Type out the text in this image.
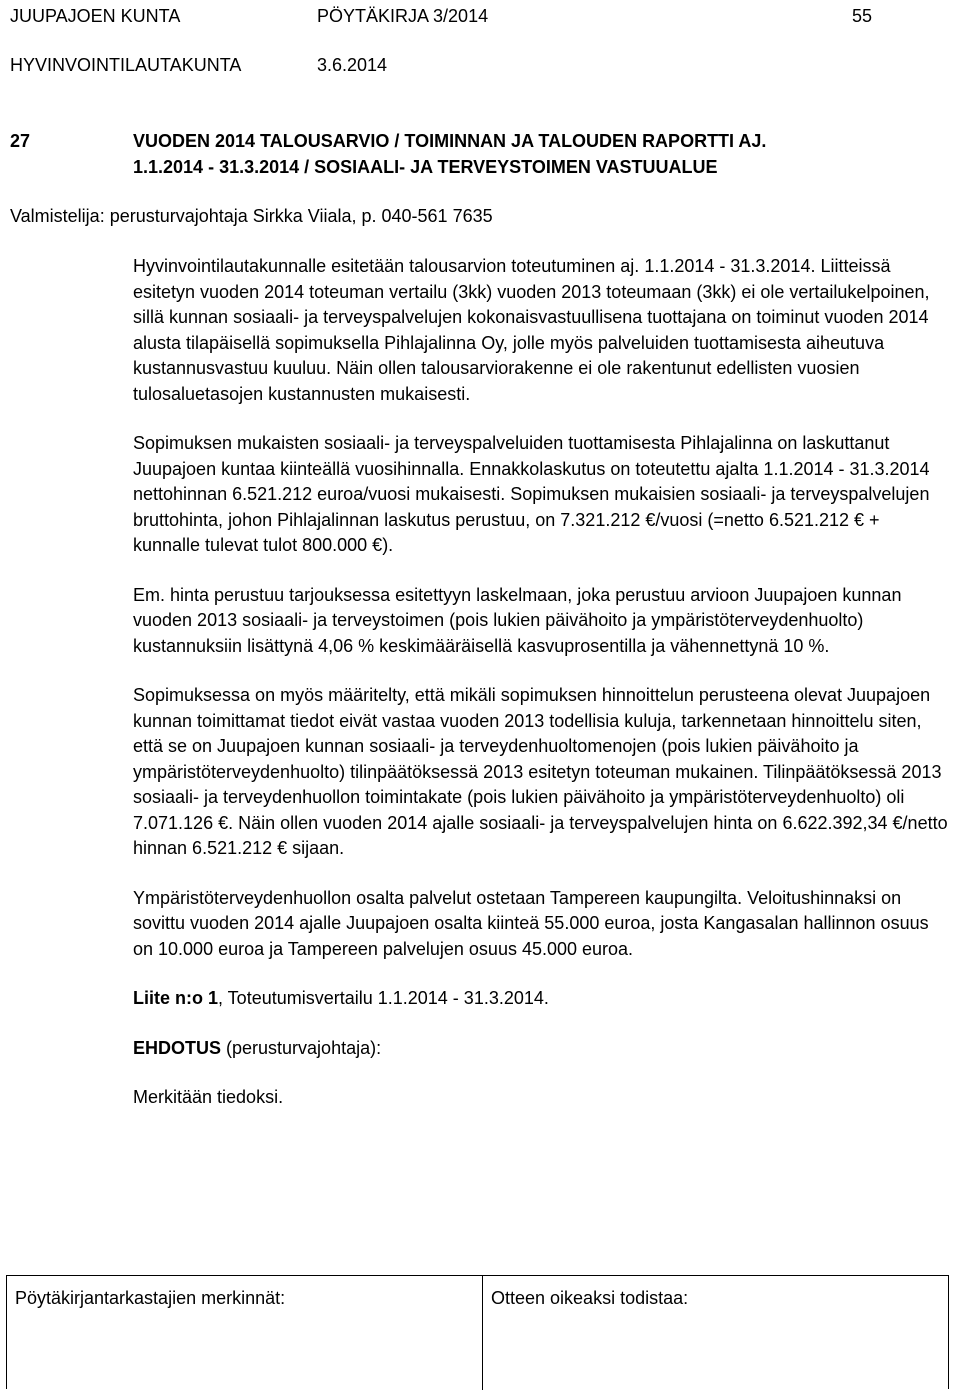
JUUPAJOEN KUNTA	PÖYTÄKIRJA 3/2014	55
HYVINVOINTILAUTAKUNTA	3.6.2014
27	VUODEN 2014 TALOUSARVIO / TOIMINNAN JA TALOUDEN RAPORTTI AJ.
1.1.2014 - 31.3.2014 / SOSIAALI- JA TERVEYSTOIMEN VASTUUALUE
Valmistelija: perusturvajohtaja Sirkka Viiala, p. 040-561 7635

Hyvinvointilautakunnalle esitetään talousarvion toteutuminen aj. 1.1.2014 - 31.3.2014. Liitteissä esitetyn vuoden 2014 toteuman vertailu (3kk) vuoden 2013 toteumaan (3kk) ei ole vertailukelpoinen, sillä kunnan sosiaali- ja terveyspalvelujen kokonaisvastuullisena tuottajana on toiminut vuoden 2014 alusta tilapäisellä sopimuksella Pihlajalinna Oy, jolle myös palveluiden tuottamisesta aiheutuva kustannusvastuu kuuluu. Näin ollen talousarviorakenne ei ole rakentunut edellisten vuosien tulosaluetasojen kustannusten mukaisesti.

Sopimuksen mukaisten sosiaali- ja terveyspalveluiden tuottamisesta Pihlajalinna on laskuttanut Juupajoen kuntaa kiinteällä vuosihinnalla. Ennakkolaskutus on toteutettu ajalta 1.1.2014 - 31.3.2014 nettohinnan 6.521.212 euroa/vuosi mukaisesti. Sopimuksen mukaisien sosiaali- ja terveyspalvelujen bruttohinta, johon Pihlajalinnan laskutus perustuu, on 7.321.212 €/vuosi (=netto 6.521.212 € + kunnalle tulevat tulot 800.000 €).

Em. hinta perustuu tarjouksessa esitettyyn laskelmaan, joka perustuu arvioon Juupajoen kunnan vuoden 2013 sosiaali- ja terveystoimen (pois lukien päivähoito ja ympäristöterveydenhuolto) kustannuksiin lisättynä 4,06 % keskimääräisellä kasvuprosentilla ja vähennettynä 10 %.

Sopimuksessa on myös määritelty, että mikäli sopimuksen hinnoittelun perusteena olevat Juupajoen kunnan toimittamat tiedot eivät vastaa vuoden 2013 todellisia kuluja, tarkennetaan hinnoittelu siten, että se on Juupajoen kunnan sosiaali- ja terveydenhuoltomenojen (pois lukien päivähoito ja ympäristöterveydenhuolto) tilinpäätöksessä 2013 esitetyn toteuman mukainen. Tilinpäätöksessä 2013 sosiaali- ja terveydenhuollon toimintakate (pois lukien päivähoito ja ympäristöterveydenhuolto) oli 7.071.126 €. Näin ollen vuoden 2014 ajalle sosiaali- ja terveyspalvelujen hinta on 6.622.392,34 €/netto hinnan 6.521.212 € sijaan.

Ympäristöterveydenhuollon osalta palvelut ostetaan Tampereen kaupungilta. Veloitushinnaksi on sovittu vuoden 2014 ajalle Juupajoen osalta kiinteä 55.000 euroa, josta Kangasalan hallinnon osuus on 10.000 euroa ja Tampereen palvelujen osuus 45.000 euroa.

Liite n:o 1, Toteutumisvertailu 1.1.2014 - 31.3.2014.

EHDOTUS (perusturvajohtaja):

Merkitään tiedoksi.

Pöytäkirjantarkastajien merkinnät:	Otteen oikeaksi todistaa:
